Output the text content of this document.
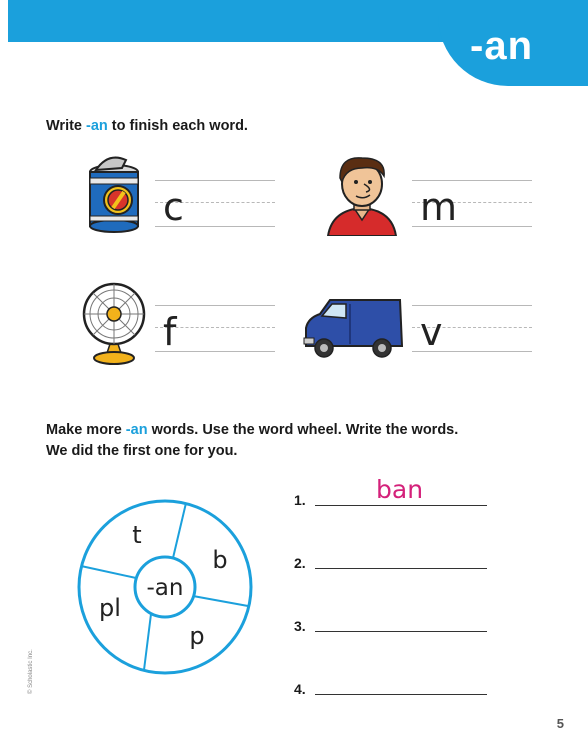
-an
Write -an to finish each word.
c	m
f	v
Make more -an words. Use the word wheel. Write the words.
We did the first one for you.
-an
t
b
p
pl
1.	ban
2.
3.
4.
© Scholastic Inc.
5
